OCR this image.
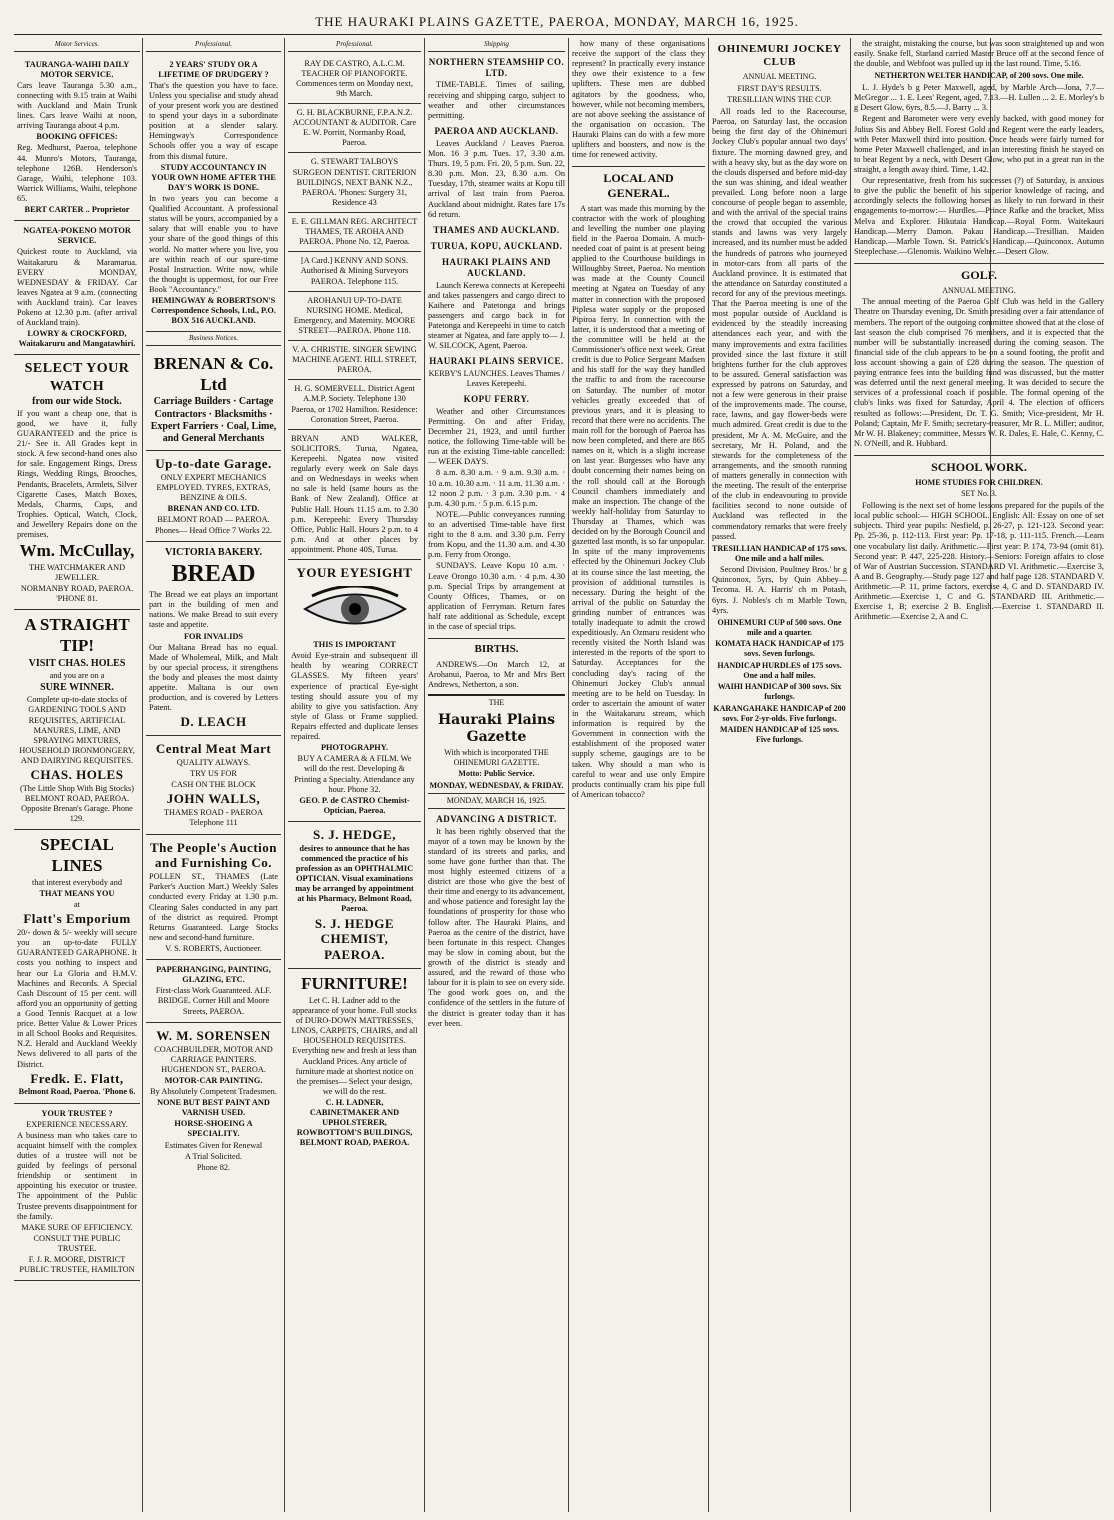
THE HAURAKI PLAINS GAZETTE, PAEROA, MONDAY, MARCH 16, 1925.
Motor Services.

TAURANGA-WAIHI DAILY MOTOR SERVICE.

Cars leave Tauranga 5.30 a.m., connecting with 9.15 train at Waihi with Auckland and Main Trunk lines. Cars leave Waihi at noon, arriving Tauranga about 4 p.m.

BOOKING OFFICES:

Reg. Medhurst, Paeroa, telephone 44. Munro's Motors, Tauranga, telephone 126B. Henderson's Garage, Waihi, telephone 103. Warrick Williams, Waihi, telephone 65.

BERT CARTER .. Proprietor

NGATEA-POKENO MOTOR SERVICE.

Quickest route to Auckland, via Waitakaruru & Maramarua. EVERY MONDAY, WEDNESDAY & FRIDAY. Car leaves Ngatea at 9 a.m. (connecting with Auckland train). Car leaves Pokeno at 12.30 p.m. (after arrival of Auckland train).

LOWRY & CROCKFORD, Waitakaruru and Mangatawhiri.

SELECT YOUR WATCH

from our wide Stock.

If you want a cheap one, that is good, we have it, fully GUARANTEED and the price is 21/- See it. All Grades kept in stock. A few second-hand ones also for sale. Engagement Rings, Dress Rings, Wedding Rings, Brooches, Pendants, Bracelets, Armlets, Silver Cigarette Cases, Match Boxes, Medals, Charms, Cups, and Trophies. Optical, Watch, Clock, and Jewellery Repairs done on the premises.

Wm. McCullay,

THE WATCHMAKER AND JEWELLER.

NORMANBY ROAD, PAEROA. 'PHONE 81.

A STRAIGHT TIP!

VISIT CHAS. HOLES

and you are on a

SURE WINNER.

Complete up-to-date stocks of GARDENING TOOLS AND REQUISITES, ARTIFICIAL MANURES, LIME, AND SPRAYING MIXTURES, HOUSEHOLD IRONMONGERY, AND DAIRYING REQUISITES.

CHAS. HOLES

(The Little Shop With Big Stocks) BELMONT ROAD, PAEROA. Opposite Brenan's Garage. Phone 129.

SPECIAL LINES

that interest everybody and

THAT MEANS YOU

at

Flatt's Emporium

20/- down & 5/- weekly will secure you an up-to-date FULLY GUARANTEED GARAPHONE. It costs you nothing to inspect and hear our La Gloria and H.M.V. Machines and Records. A Special Cash Discount of 15 per cent. will afford you an opportunity of getting a Good Tennis Racquet at a low price. Better Value & Lower Prices in all School Books and Requisites. N.Z. Herald and Auckland Weekly News delivered to all parts of the District.

Fredk. E. Flatt,

Belmont Road, Paeroa. 'Phone 6.

YOUR TRUSTEE ?

EXPERIENCE NECESSARY.

A business man who takes care to acquaint himself with the complex duties of a trustee will not be guided by feelings of personal friendship or sentiment in appointing his executor or trustee. The appointment of the Public Trustee prevents disappointment for the family.

MAKE SURE OF EFFICIENCY.

CONSULT THE PUBLIC TRUSTEE.

F. J. R. MOORE, DISTRICT PUBLIC TRUSTEE, HAMILTON

Professional.

2 YEARS' STUDY OR A LIFETIME OF DRUDGERY ?

That's the question you have to face. Unless you specialise and study ahead of your present work you are destined to spend your days in a subordinate position at a slender salary. Hemingway's Correspondence Schools offer you a way of escape from this dismal future.

STUDY ACCOUNTANCY IN YOUR OWN HOME AFTER THE DAY'S WORK IS DONE.

In two years you can become a Qualified Accountant. A professional status will be yours, accompanied by a salary that will enable you to have your share of the good things of this world. No matter where you live, you are within reach of our spare-time Postal Instruction. Write now, while the thought is uppermost, for our Free Book "Accountancy."

HEMINGWAY & ROBERTSON'S Correspondence Schools, Ltd., P.O. BOX 516 AUCKLAND.

Business Notices.

BRENAN & Co. Ltd

Carriage Builders · Cartage Contractors · Blacksmiths · Expert Farriers · Coal, Lime, and General Merchants

Up-to-date Garage.

ONLY EXPERT MECHANICS EMPLOYED. TYRES, EXTRAS, BENZINE & OILS.

BRENAN AND CO. LTD.

BELMONT ROAD — PAEROA. Phones— Head Office 7 Works 22.

VICTORIA BAKERY.

BREAD

The Bread we eat plays an important part in the building of men and nations. We make Bread to suit every taste and appetite.

FOR INVALIDS

Our Maltana Bread has no equal. Made of Wholemeal, Milk, and Malt by our special process, it strengthens the body and pleases the most dainty appetite. Maltana is our own production, and is covered by Letters Patent.

D. LEACH

Central Meat Mart

QUALITY ALWAYS.

TRY US FOR

CASH ON THE BLOCK

JOHN WALLS,

THAMES ROAD - PAEROA Telephone 111

The People's Auction and Furnishing Co.

POLLEN ST., THAMES (Late Parker's Auction Mart.) Weekly Sales conducted every Friday at 1.30 p.m. Clearing Sales conducted in any part of the district as required. Prompt Returns Guaranteed. Large Stocks new and second-hand furniture.

V. S. ROBERTS, Auctioneer.

PAPERHANGING, PAINTING, GLAZING, ETC.

First-class Work Guaranteed. ALF. BRIDGE. Corner Hill and Moore Streets, PAEROA.

W. M. SORENSEN

COACHBUILDER, MOTOR AND CARRIAGE PAINTERS. HUGHENDON ST., PAEROA.

MOTOR-CAR PAINTING.

By Absolutely Competent Tradesmen.

NONE BUT BEST PAINT AND VARNISH USED.

HORSE-SHOEING A SPECIALITY.

Estimates Given for Renewal

A Trial Solicited.

Phone 82.

Professional.
RAY DE CASTRO, A.L.C.M. TEACHER OF PIANOFORTE. Commences term on Monday next, 9th March.
G. H. BLACKBURNE, F.P.A.N.Z. ACCOUNTANT & AUDITOR. Care E. W. Porritt, Normanby Road, Paeroa.
G. STEWART TALBOYS SURGEON DENTIST. CRITERION BUILDINGS, NEXT BANK N.Z., PAEROA. 'Phones: Surgery 31, Residence 43
E. E. GILLMAN REG. ARCHITECT THAMES, TE AROHA AND PAEROA. Phone No. 12, Paeroa.
[A Card.] KENNY AND SONS. Authorised & Mining Surveyors PAEROA. Telephone 115.
AROHANUI UP-TO-DATE NURSING HOME. Medical, Emergency, and Maternity. MOORE STREET—PAEROA. Phone 118.
V. A. CHRISTIE. SINGER SEWING MACHINE AGENT. HILL STREET, PAEROA.
H. G. SOMERVELL. District Agent A.M.P. Society. Telephone 130 Paeroa, or 1702 Hamilton. Residence: Coronation Street, Paeroa.
BRYAN AND WALKER, SOLICITORS. Turua, Ngatea, Kerepeehi. Ngatea now visited regularly every week on Sale days and on Wednesdays in weeks when no sale is held (same hours as the Bank of New Zealand). Office at Public Hall. Hours 11.15 a.m. to 2.30 p.m. Kerepeehi: Every Thursday Office, Public Hall. Hours 2 p.m. to 4 p.m. And at other places by appointment. Phone 40S, Turua.

YOUR EYESIGHT

THIS IS IMPORTANT

Avoid Eye-strain and subsequent ill health by wearing CORRECT GLASSES. My fifteen years' experience of practical Eye-sight testing should assure you of my ability to give you satisfaction. Any style of Glass or Frame supplied. Repairs effected and duplicate lenses repaired.

PHOTOGRAPHY.

BUY A CAMERA & A FILM. We will do the rest. Developing & Printing a Specialty. Attendance any hour. Phone 32.

GEO. P. de CASTRO Chemist-Optician, Paeroa.

S. J. HEDGE,

desires to announce that he has commenced the practice of his profession as an OPHTHALMIC OPTICIAN. Visual examinations may be arranged by appointment at his Pharmacy, Belmont Road, Paeroa.

S. J. HEDGE CHEMIST, PAEROA.

FURNITURE!

Let C. H. Ladner add to the appearance of your home. Full stocks of DURO-DOWN MATTRESSES, LINOS, CARPETS, CHAIRS, and all HOUSEHOLD REQUISITES. Everything new and fresh at less than Auckland Prices. Any article of furniture made at shortest notice on the premises— Select your design, we will do the rest.

C. H. LADNER, CABINETMAKER AND UPHOLSTERER, ROWBOTTOM'S BUILDINGS, BELMONT ROAD, PAEROA.

Shipping

NORTHERN STEAMSHIP CO. LTD.

TIME-TABLE. Times of sailing, receiving and shipping cargo, subject to weather and other circumstances permitting.

PAEROA AND AUCKLAND.

Leaves Auckland / Leaves Paeroa. Mon. 16 3 p.m. Tues. 17, 3.30 a.m. Thurs. 19, 5 p.m. Fri. 20, 5 p.m. Sun. 22, 8.30 p.m. Mon. 23, 8.30 a.m. On Tuesday, 17th, steamer waits at Kopu till arrival of last train from Paeroa. Auckland about midnight. Rates fare 17s 6d return.

THAMES AND AUCKLAND.

TURUA, KOPU, AUCKLAND.

HAURAKI PLAINS AND AUCKLAND.

Launch Kerewa connects at Kerepeehi and takes passengers and cargo direct to Kaihere and Patetonga and brings passengers and cargo back in for Patetonga and Kerepeehi in time to catch steamer at Ngatea, and fare apply to— J. W. SILCOCK, Agent, Paeroa.

HAURAKI PLAINS SERVICE.

KERBY'S LAUNCHES. Leaves Thames / Leaves Kerepeehi.

KOPU FERRY.

Weather and other Circumstances Permitting. On and after Friday, December 21, 1923, and until further notice, the following Time-table will be run at the existing Time-table cancelled:— WEEK DAYS.

8 a.m. 8.30 a.m. · 9 a.m. 9.30 a.m. · 10 a.m. 10.30 a.m. · 11 a.m. 11.30 a.m. · 12 noon 2 p.m. · 3 p.m. 3.30 p.m. · 4 p.m. 4.30 p.m. · 5 p.m. 6.15 p.m.

NOTE.—Public conveyances running to an advertised Time-table have first right to the 8 a.m. and 3.30 p.m. Ferry from Kopu, and the 11.30 a.m. and 4.30 p.m. Ferry from Orongo.

SUNDAYS. Leave Kopu 10 a.m. · Leave Orongo 10.30 a.m. · 4 p.m. 4.30 p.m. Special Trips by arrangement at County Offices, Thames, or on application of Ferryman. Return fares half rate additional as Schedule, except in the case of special trips.

BIRTHS.

ANDREWS.—On March 12, at Arohanui, Paeroa, to Mr and Mrs Bert Andrews, Netherton, a son.

THE

Hauraki Plains Gazette

With which is incorporated THE OHINEMURI GAZETTE.

Motto: Public Service.

MONDAY, WEDNESDAY, & FRIDAY.

MONDAY, MARCH 16, 1925.

ADVANCING A DISTRICT.

It has been rightly observed that the mayor of a town may be known by the standard of its streets and parks, and some have gone further than that. The most highly esteemed citizens of a district are those who give the best of their time and energy to its advancement, and whose patience and foresight lay the foundations of prosperity for those who follow after. The Hauraki Plains, and Paeroa as the centre of the district, have been fortunate in this respect. Changes may be slow in coming about, but the growth of the district is steady and assured, and the reward of those who labour for it is plain to see on every side. The good work goes on, and the confidence of the settlers in the future of the district is greater today than it has ever been.

how many of these organisations receive the support of the class they represent? In practically every instance they owe their existence to a few uplifters. These men are dubbed agitators by the goodness, who, however, while not becoming members, are not above seeking the assistance of the organisation on occasion. The Hauraki Plains can do with a few more uplifters and boosters, and now is the time for renewed activity.

LOCAL AND GENERAL.

A start was made this morning by the contractor with the work of ploughing and levelling the number one playing field in the Paeroa Domain. A much-needed coat of paint is at present being applied to the Courthouse buildings in Willoughby Street, Paeroa. No mention was made at the County Council meeting at Ngatea on Tuesday of any matter in connection with the proposed Piplesa water supply or the proposed Pipiroa ferry. In connection with the latter, it is understood that a meeting of the committee will be held at the Commissioner's office next week. Great credit is due to Police Sergeant Madsen and his staff for the way they handled the traffic to and from the racecourse on Saturday. The number of motor vehicles greatly exceeded that of previous years, and it is pleasing to record that there were no accidents. The main roll for the borough of Paeroa has now been completed, and there are 865 names on it, which is a slight increase on last year. Burgesses who have any doubt concerning their names being on the roll should call at the Borough Council chambers immediately and make an inspection. The change of the weekly half-holiday from Saturday to Thursday at Thames, which was decided on by the Borough Council and gazetted last month, is so far unpopular. In spite of the many improvements effected by the Ohinemuri Jockey Club at its course since the last meeting, the provision of additional turnstiles is necessary. During the height of the arrival of the public on Saturday the grinding number of entrances was totally inadequate to admit the crowd expeditiously. An Ozmaru resident who recently visited the North Island was interested in the reports of the sport to Saturday. Acceptances for the concluding day's racing of the Ohinemuri Jockey Club's annual meeting are to be held on Tuesday. In order to ascertain the amount of water in the Waitakaruru stream, which information is required by the Government in connection with the establishment of the proposed water supply scheme, gaugings are to be taken. Why should a man who is careful to wear and use only Empire products continually cram his pipe full of American tobacco?

OHINEMURI JOCKEY CLUB

ANNUAL MEETING.

FIRST DAY'S RESULTS.

TRESILLIAN WINS THE CUP.

All roads led to the Racecourse, Paeroa, on Saturday last, the occasion being the first day of the Ohinemuri Jockey Club's popular annual two days' fixture. The morning dawned grey, and with a heavy sky, but as the day wore on the clouds dispersed and before mid-day the sun was shining, and ideal weather prevailed. Long before noon a large concourse of people began to assemble, and with the arrival of the special trains the crowd that occupied the various stands and lawns was very largely increased, and its number must be added the hundreds of patrons who journeyed in motor-cars from all parts of the Auckland province. It is estimated that the attendance on Saturday constituted a record for any of the previous meetings. That the Paeroa meeting is one of the most popular outside of Auckland is evidenced by the steadily increasing attendances each year, and with the many improvements and extra facilities provided since the last fixture it still brightens further for the club approves to be assured. General satisfaction was expressed by patrons on Saturday, and not a few were generous in their praise of the improvements made. The course, race, lawns, and gay flower-beds were much admired. Great credit is due to the president, Mr A. M. McGuire, and the secretary, Mr H. Poland, and the stewards for the completeness of the arrangements, and the smooth running of matters generally in connection with the meeting. The result of the enterprise of the club in endeavouring to provide facilities second to none outside of Auckland was reflected in the commendatory remarks that were freely passed.

TRESILLIAN HANDICAP of 175 sovs. One mile and a half miles.

Second Division. Poultney Bros.' br g Quinconox, 5yrs, by Quin Abbey—Tecoma. H. A. Harris' ch m Potash, 6yrs. J. Nobles's ch m Marble Town, 4yrs.

OHINEMURI CUP of 500 sovs. One mile and a quarter.

KOMATA HACK HANDICAP of 175 sovs. Seven furlongs.

HANDICAP HURDLES of 175 sovs. One and a half miles.

WAIHI HANDICAP of 300 sovs. Six furlongs.

KARANGAHAKE HANDICAP of 200 sovs. For 2-yr-olds. Five furlongs.

MAIDEN HANDICAP of 125 sovs. Five furlongs.

the straight, mistaking the course, but was soon straightened up and won easily. Snake fell, Starland carried Master Bruce off at the second fence of the double, and Webfoot was pulled up in the last round. Time, 5.16.

NETHERTON WELTER HANDICAP, of 200 sovs. One mile.

L. J. Hyde's b g Peter Maxwell, aged, by Marble Arch—Jona, 7.7—McGregor ... 1. E. Lees' Regent, aged, 7.13.—H. Lullen ... 2. E. Morley's b g Desert Glow, 6yrs, 8.5.—J. Barry ... 3.

Regent and Barometer were very evenly backed, with good money for Julius Sis and Abbey Bell. Forest Gold and Regent were the early leaders, with Peter Maxwell third into position. Once heads were fairly turned for home Peter Maxwell challenged, and in an interesting finish he stayed on to beat Regent by a neck, with Desert Glow, who put in a great run in the straight, a length away third. Time, 1.42.

Our representative, fresh from his successes (?) of Saturday, is anxious to give the public the benefit of his superior knowledge of racing, and accordingly selects the following horses as likely to run forward in their engagements to-morrow:— Hurdles.—Prince Rafke and the bracket, Miss Melva and Explorer. Hikutaia Handicap.—Royal Form. Waitekauri Handicap.—Merry Damon. Pakau Handicap.—Tresillian. Maiden Handicap.—Marble Town. St. Patrick's Handicap.—Quinconox. Autumn Steeplechase.—Glenomis. Waikino Welter.—Desert Glow.

GOLF.

ANNUAL MEETING.

The annual meeting of the Paeroa Golf Club was held in the Gallery Theatre on Thursday evening, Dr. Smith presiding over a fair attendance of members. The report of the outgoing committee showed that at the close of last season the club comprised 76 members, and it is expected that the number will be substantially increased during the coming season. The financial side of the club appears to be on a sound footing, the profit and loss account showing a gain of £28 during the season. The question of paying entrance fees into the building fund was discussed, but the matter was deferred until the next general meeting. It was decided to secure the services of a professional coach if possible. The formal opening of the club's links was fixed for Saturday, April 4. The election of officers resulted as follows:—President, Dr. T. G. Smith; Vice-president, Mr H. Poland; Captain, Mr F. Smith; secretary-treasurer, Mr R. L. Miller; auditor, Mr W. H. Blakeney; committee, Messrs W. R. Dales, E. Hale, C. Kenny, C. N. O'Neill, and R. Hubbard.

SCHOOL WORK.

HOME STUDIES FOR CHILDREN.

SET No. 3.

Following is the next set of home lessons prepared for the pupils of the local public school:— HIGH SCHOOL. English: All: Essay on one of set subjects. Third year pupils: Nesfield, p. 26-27, p. 121-123. Second year: Pp. 25-36, p. 112-113. First year: Pp. 17-18, p. 111-115. French.—Learn one vocabulary list daily. Arithmetic.—First year: P. 174, 73-94 (omit 81). Second year: P. 447, 225-228. History.—Seniors: Foreign affairs to close of War of Austrian Succession. STANDARD VI. Arithmetic.—Exercise 3, A and B. Geography.—Study page 127 and half page 128. STANDARD V. Arithmetic.—P. 11, prime factors, exercise 4, C and D. STANDARD IV. Arithmetic.—Exercise 1, C and G. STANDARD III. Arithmetic.—Exercise 1, B; exercise 2 B. English.—Exercise 1. STANDARD II. Arithmetic.—Exercise 2, A and C.
